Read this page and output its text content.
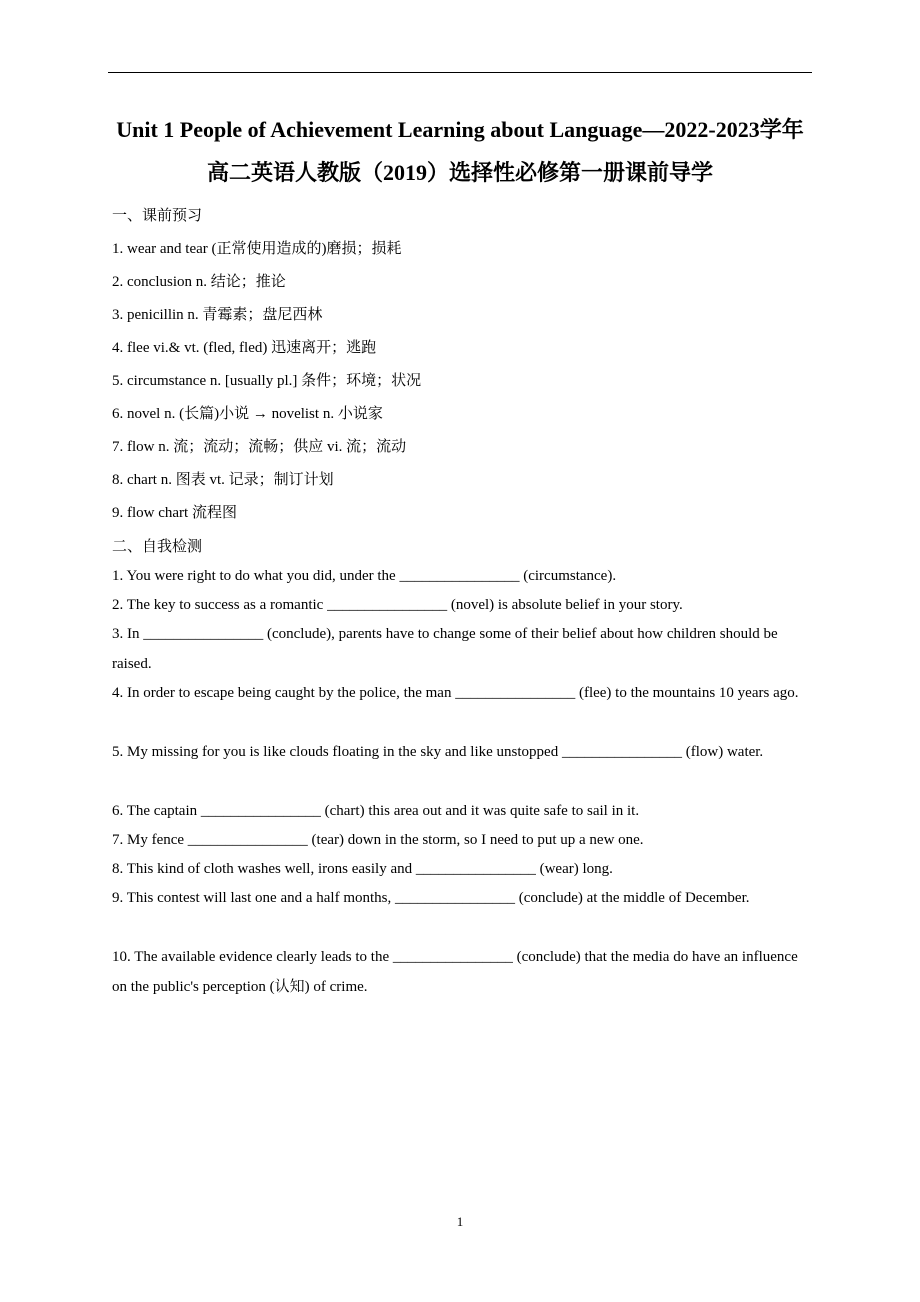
Unit 1 People of Achievement Learning about Language—2022-2023学年高二英语人教版（2019）选择性必修第一册课前导学
一、课前预习
1. wear and tear (正常使用造成的)磨损；损耗
2. conclusion n. 结论；推论
3. penicillin n. 青霉素；盘尼西林
4. flee vi.& vt. (fled, fled) 迅速离开；逃跑
5. circumstance n. [usually pl.] 条件；环境；状况
6. novel n. (长篇)小说 → novelist n. 小说家
7. flow n. 流；流动；流畅；供应 vi. 流；流动
8. chart n. 图表 vt. 记录；制订计划
9. flow chart 流程图
二、自我检测
1. You were right to do what you did, under the ________________ (circumstance).
2. The key to success as a romantic ________________ (novel) is absolute belief in your story.
3. In ________________ (conclude), parents have to change some of their belief about how children should be raised.
4. In order to escape being caught by the police, the man ________________ (flee) to the mountains 10 years ago.
5. My missing for you is like clouds floating in the sky and like unstopped ________________ (flow) water.
6. The captain ________________ (chart) this area out and it was quite safe to sail in it.
7. My fence ________________ (tear) down in the storm, so I need to put up a new one.
8. This kind of cloth washes well, irons easily and ________________ (wear) long.
9. This contest will last one and a half months, ________________ (conclude) at the middle of December.
10. The available evidence clearly leads to the ________________ (conclude) that the media do have an influence on the public's perception (认知) of crime.
1
